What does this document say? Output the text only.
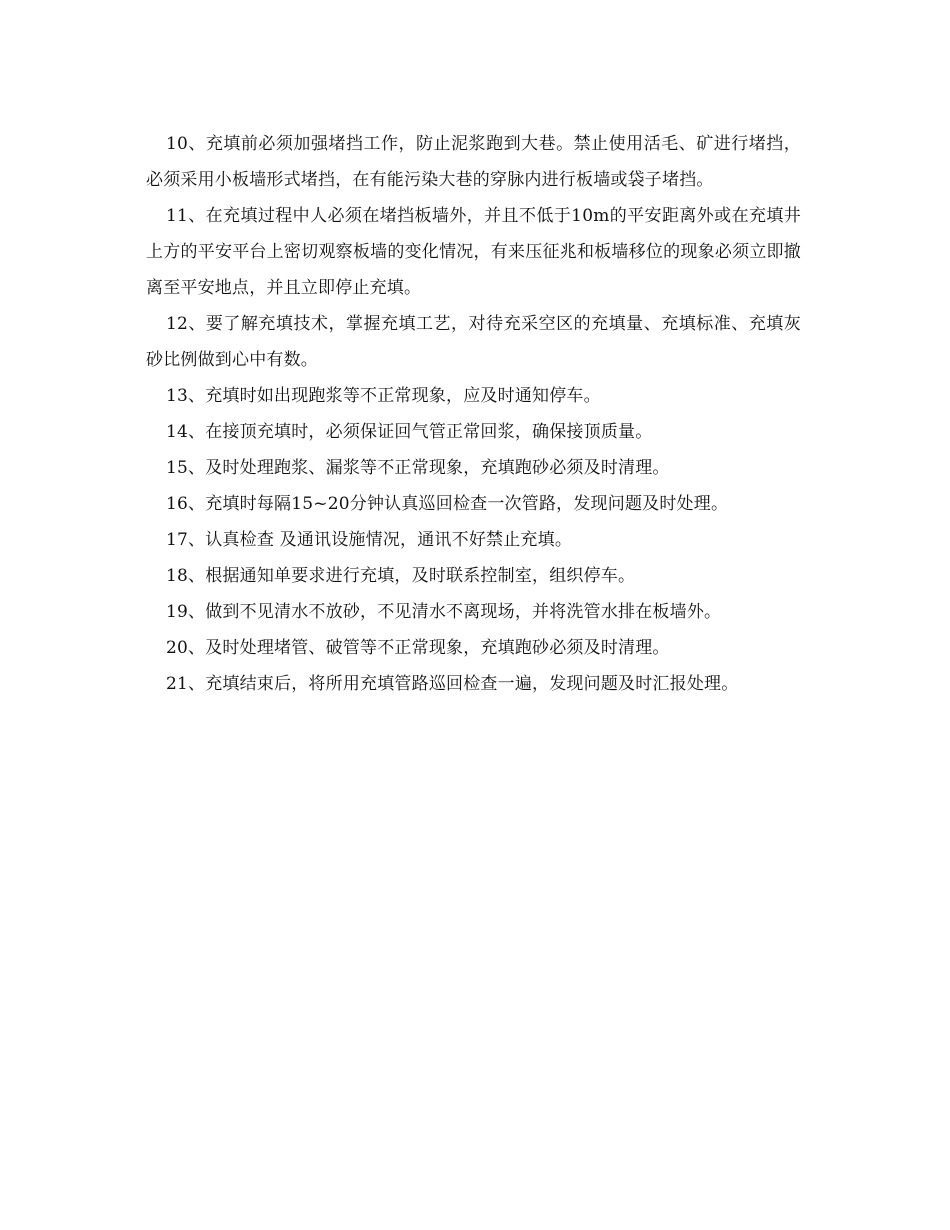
10、充填前必须加强堵挡工作，防止泥浆跑到大巷。禁止使用活毛、矿进行堵挡，必须采用小板墙形式堵挡，在有能污染大巷的穿脉内进行板墙或袋子堵挡。

11、在充填过程中人必须在堵挡板墙外，并且不低于10m的平安距离外或在充填井上方的平安平台上密切观察板墙的变化情况，有来压征兆和板墙移位的现象必须立即撤离至平安地点，并且立即停止充填。

12、要了解充填技术，掌握充填工艺，对待充采空区的充填量、充填标准、充填灰砂比例做到心中有数。

13、充填时如出现跑浆等不正常现象，应及时通知停车。

14、在接顶充填时，必须保证回气管正常回浆，确保接顶质量。

15、及时处理跑浆、漏浆等不正常现象，充填跑砂必须及时清理。

16、充填时每隔15~20分钟认真巡回检查一次管路，发现问题及时处理。

17、认真检查 及通讯设施情况，通讯不好禁止充填。

18、根据通知单要求进行充填，及时联系控制室，组织停车。

19、做到不见清水不放砂，不见清水不离现场，并将洗管水排在板墙外。

20、及时处理堵管、破管等不正常现象，充填跑砂必须及时清理。

21、充填结束后，将所用充填管路巡回检查一遍，发现问题及时汇报处理。
